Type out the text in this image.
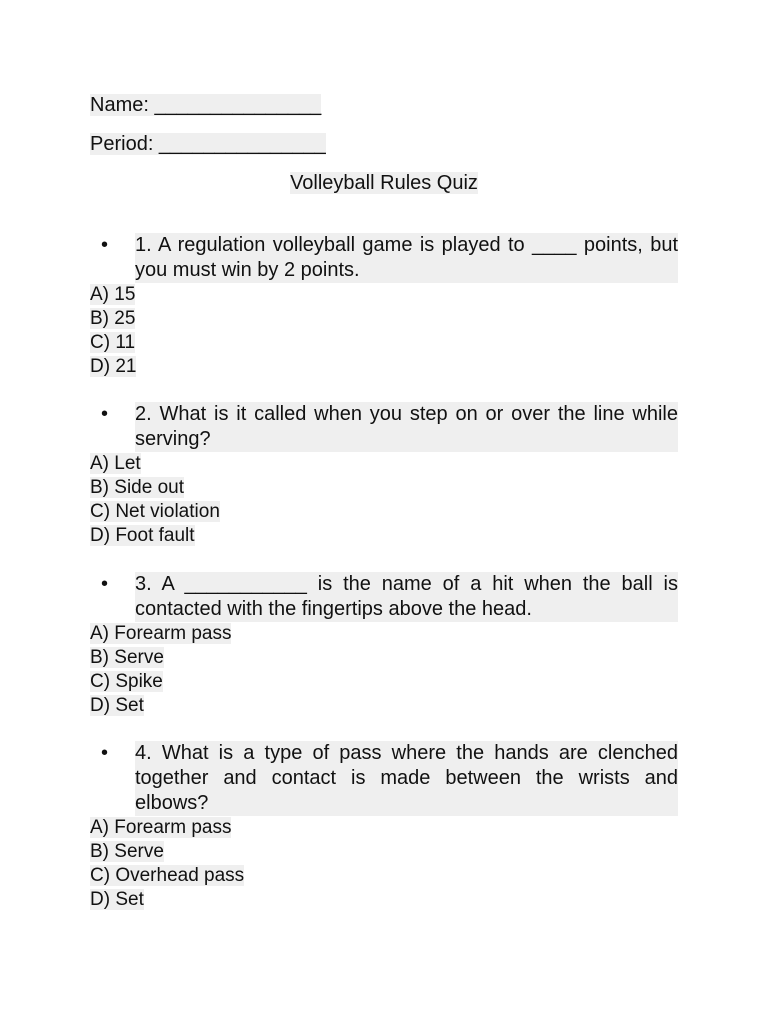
Name: _______________
Period: _______________
Volleyball Rules Quiz
• 1. A regulation volleyball game is played to ____ points, but you must win by 2 points.
A) 15
B) 25
C) 11
D) 21
• 2. What is it called when you step on or over the line while serving?
A) Let
B) Side out
C) Net violation
D) Foot fault
• 3. A ___________ is the name of a hit when the ball is contacted with the fingertips above the head.
A) Forearm pass
B) Serve
C) Spike
D) Set
• 4. What is a type of pass where the hands are clenched together and contact is made between the wrists and elbows?
A) Forearm pass
B) Serve
C) Overhead pass
D) Set
